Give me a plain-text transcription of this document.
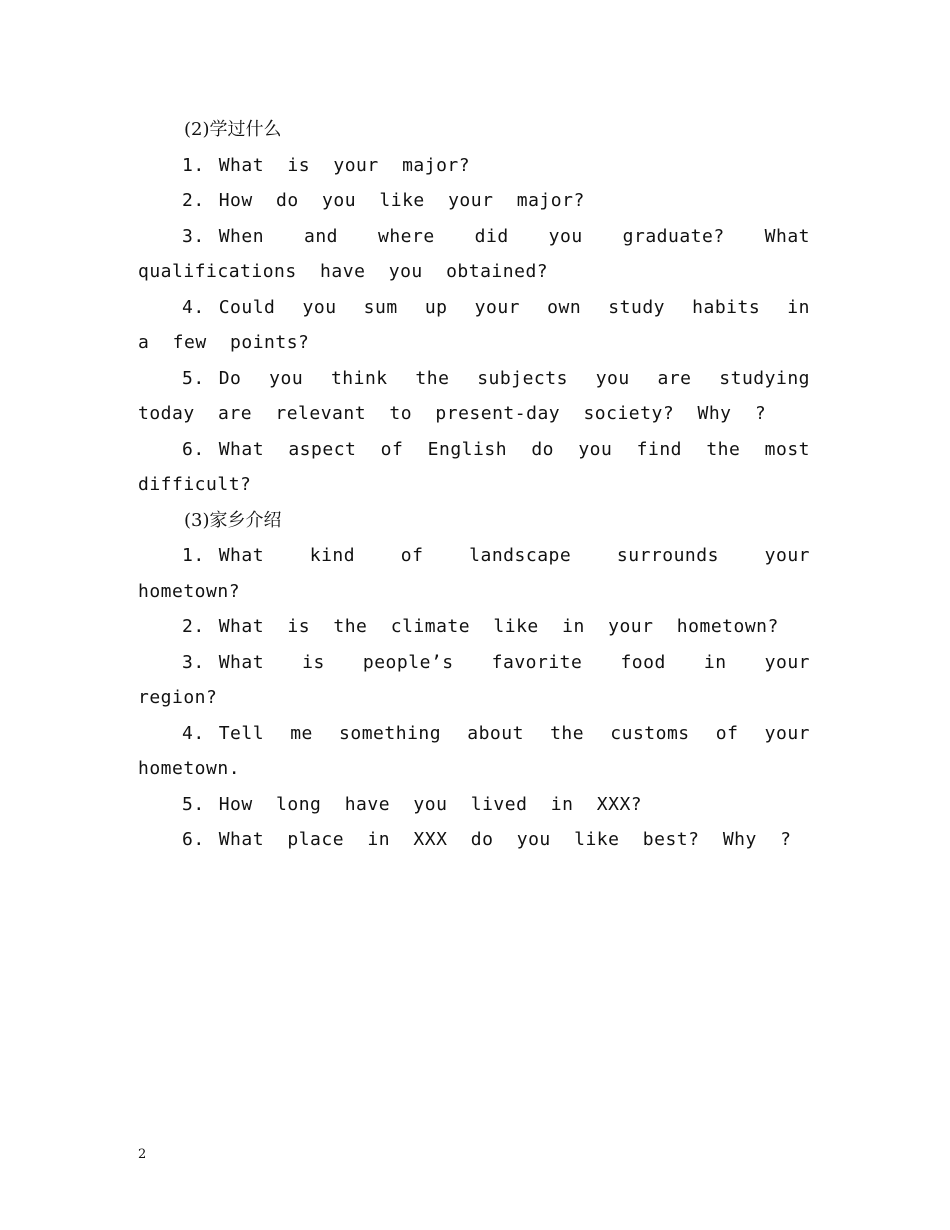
(2)学过什么

1. What is your major?

2. How do you like your major?

3. When and where did you graduate? What qualifications have you obtained?

4. Could you sum up your own study habits in a few points?

5. Do you think the subjects you are studying today are relevant to present-day society? Why ?

6. What aspect of English do you find the most difficult?

(3)家乡介绍

1. What kind of landscape surrounds your hometown?

2. What is the climate like in your hometown?

3. What is people’s favorite food in your region?

4. Tell me something about the customs of your hometown.

5. How long have you lived in XXX?

6. What place in XXX do you like best? Why ?

2
